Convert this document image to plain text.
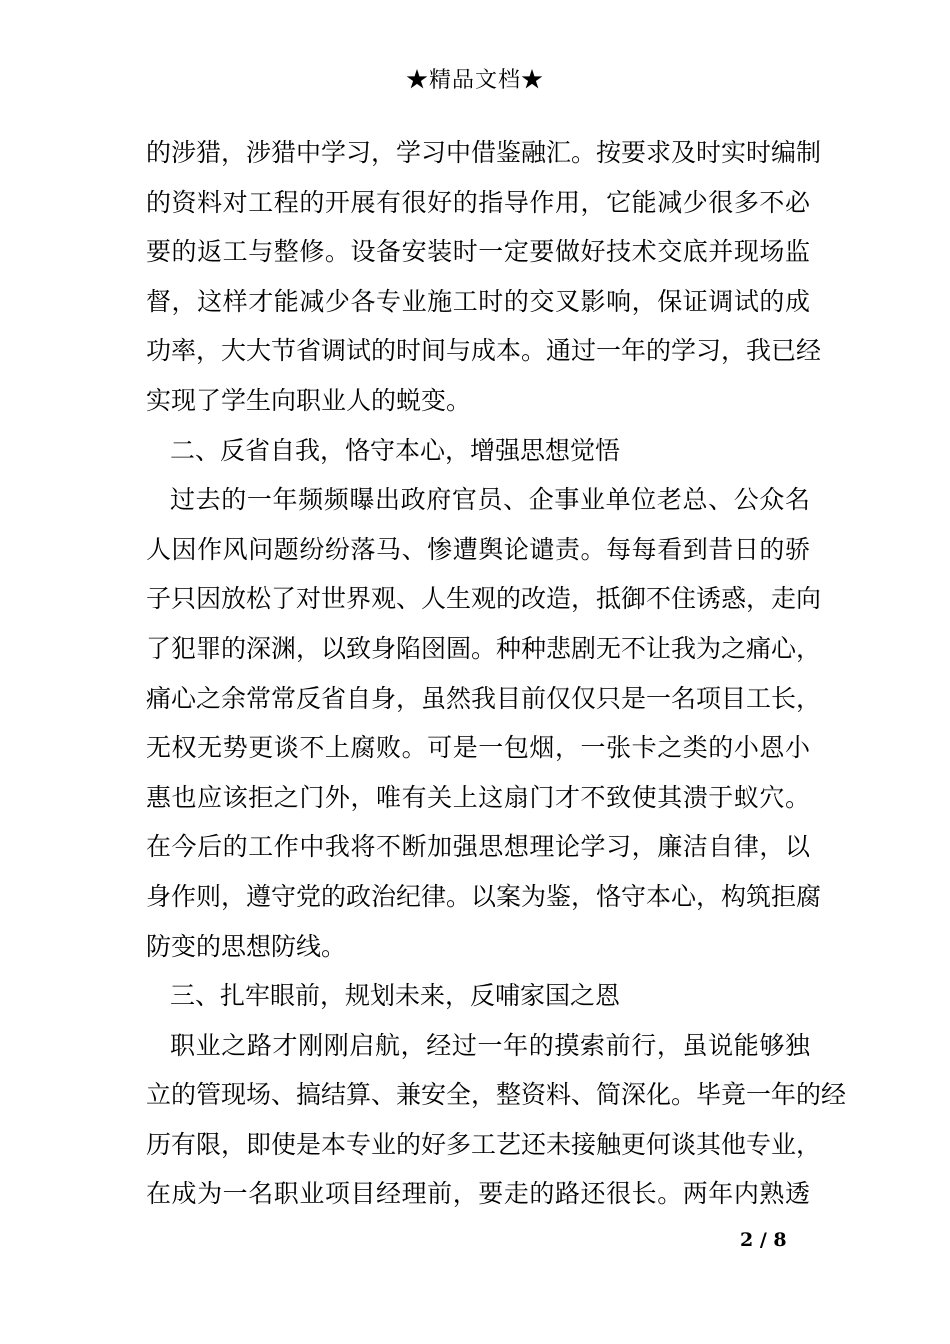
★精品文档★
的涉猎，涉猎中学习，学习中借鉴融汇。按要求及时实时编制
的资料对工程的开展有很好的指导作用，它能减少很多不必
要的返工与整修。设备安装时一定要做好技术交底并现场监
督，这样才能减少各专业施工时的交叉影响，保证调试的成
功率，大大节省调试的时间与成本。通过一年的学习，我已经
实现了学生向职业人的蜕变。
二、反省自我，恪守本心，增强思想觉悟
过去的一年频频曝出政府官员、企事业单位老总、公众名
人因作风问题纷纷落马、惨遭舆论谴责。每每看到昔日的骄
子只因放松了对世界观、人生观的改造，抵御不住诱惑，走向
了犯罪的深渊，以致身陷囹圄。种种悲剧无不让我为之痛心，
痛心之余常常反省自身，虽然我目前仅仅只是一名项目工长，
无权无势更谈不上腐败。可是一包烟，一张卡之类的小恩小
惠也应该拒之门外，唯有关上这扇门才不致使其溃于蚁穴。
在今后的工作中我将不断加强思想理论学习，廉洁自律，以
身作则，遵守党的政治纪律。以案为鉴，恪守本心，构筑拒腐
防变的思想防线。
三、扎牢眼前，规划未来，反哺家国之恩
职业之路才刚刚启航，经过一年的摸索前行，虽说能够独
立的管现场、搞结算、兼安全，整资料、简深化。毕竟一年的经
历有限，即使是本专业的好多工艺还未接触更何谈其他专业，
在成为一名职业项目经理前，要走的路还很长。两年内熟透
2 / 8
